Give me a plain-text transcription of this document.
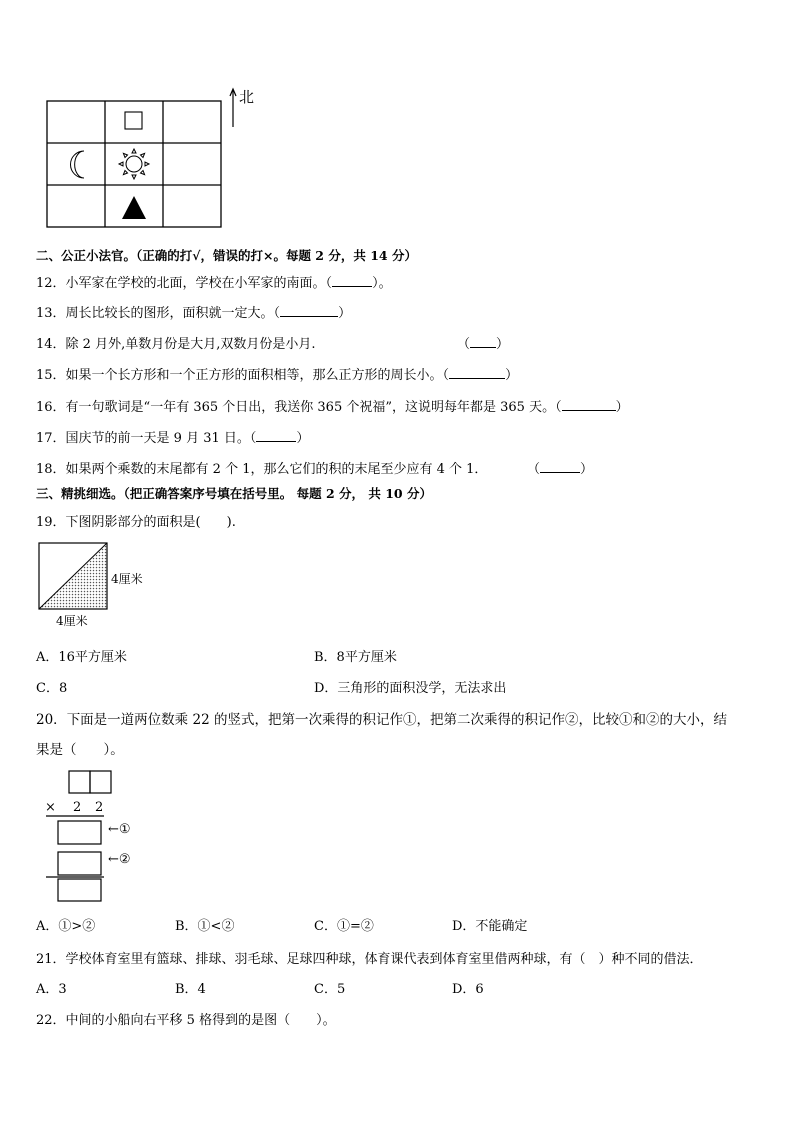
北
二、公正小法官。（正确的打√，错误的打×。每题 2 分，共 14 分）
12．小军家在学校的北面，学校在小军家的南面。（	）。
13．周长比较长的图形，面积就一定大。（	）
14．除 2 月外,单数月份是大月,双数月份是小月.	（ ）
15．如果一个长方形和一个正方形的面积相等，那么正方形的周长小。（	）
16．有一句歌词是“一年有 365 个日出，我送你 365 个祝福”，这说明每年都是 365 天。（	）
17．国庆节的前一天是 9 月 31 日。（	）
18．如果两个乘数的末尾都有 2 个 1，那么它们的积的末尾至少应有 4 个 1．	（	）
三、精挑细选。（把正确答案序号填在括号里。 每题 2 分， 共 10 分）
19．下图阴影部分的面积是(　　).
4厘米
4厘米
A．16平方厘米	B．8平方厘米
C．8	D．三角形的面积没学，无法求出
20．下面是一道两位数乘 22 的竖式，把第一次乘得的积记作①，把第二次乘得的积记作②，比较①和②的大小，结
果是（　　）。
× 2 2
←①
←②
A．①>②	B．①<②	C．①=②	D．不能确定
21．学校体育室里有篮球、排球、羽毛球、足球四种球，体育课代表到体育室里借两种球，有（　）种不同的借法．
A．3	B．4	C．5	D．6
22．中间的小船向右平移 5 格得到的是图（　　）。
